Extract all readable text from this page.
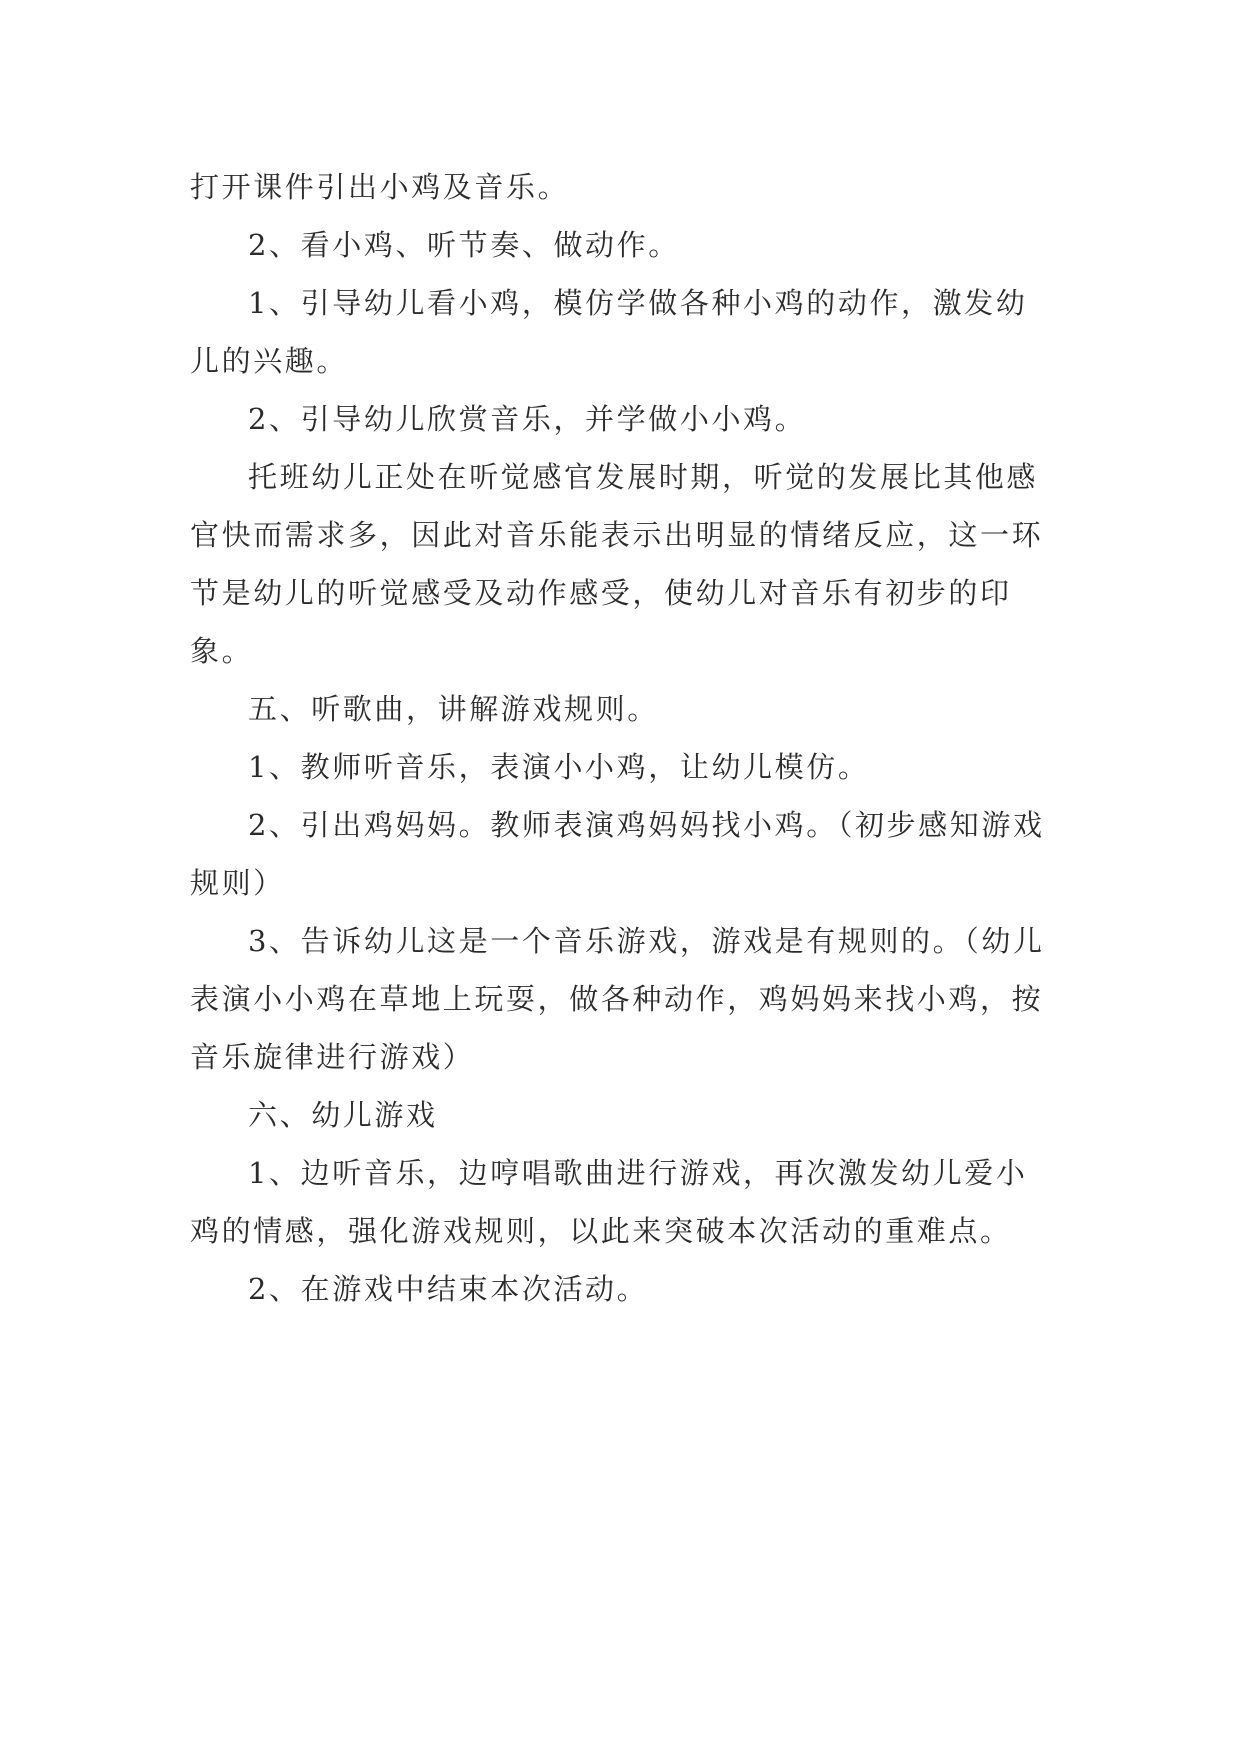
打开课件引出小鸡及音乐。

2、看小鸡、听节奏、做动作。

1、引导幼儿看小鸡，模仿学做各种小鸡的动作，激发幼儿的兴趣。

2、引导幼儿欣赏音乐，并学做小小鸡。

托班幼儿正处在听觉感官发展时期，听觉的发展比其他感官快而需求多，因此对音乐能表示出明显的情绪反应，这一环节是幼儿的听觉感受及动作感受，使幼儿对音乐有初步的印象。

五、听歌曲，讲解游戏规则。

1、教师听音乐，表演小小鸡，让幼儿模仿。

2、引出鸡妈妈。教师表演鸡妈妈找小鸡。（初步感知游戏规则）

3、告诉幼儿这是一个音乐游戏，游戏是有规则的。（幼儿表演小小鸡在草地上玩耍，做各种动作，鸡妈妈来找小鸡，按音乐旋律进行游戏）

六、幼儿游戏

1、边听音乐，边哼唱歌曲进行游戏，再次激发幼儿爱小鸡的情感，强化游戏规则，以此来突破本次活动的重难点。

2、在游戏中结束本次活动。
